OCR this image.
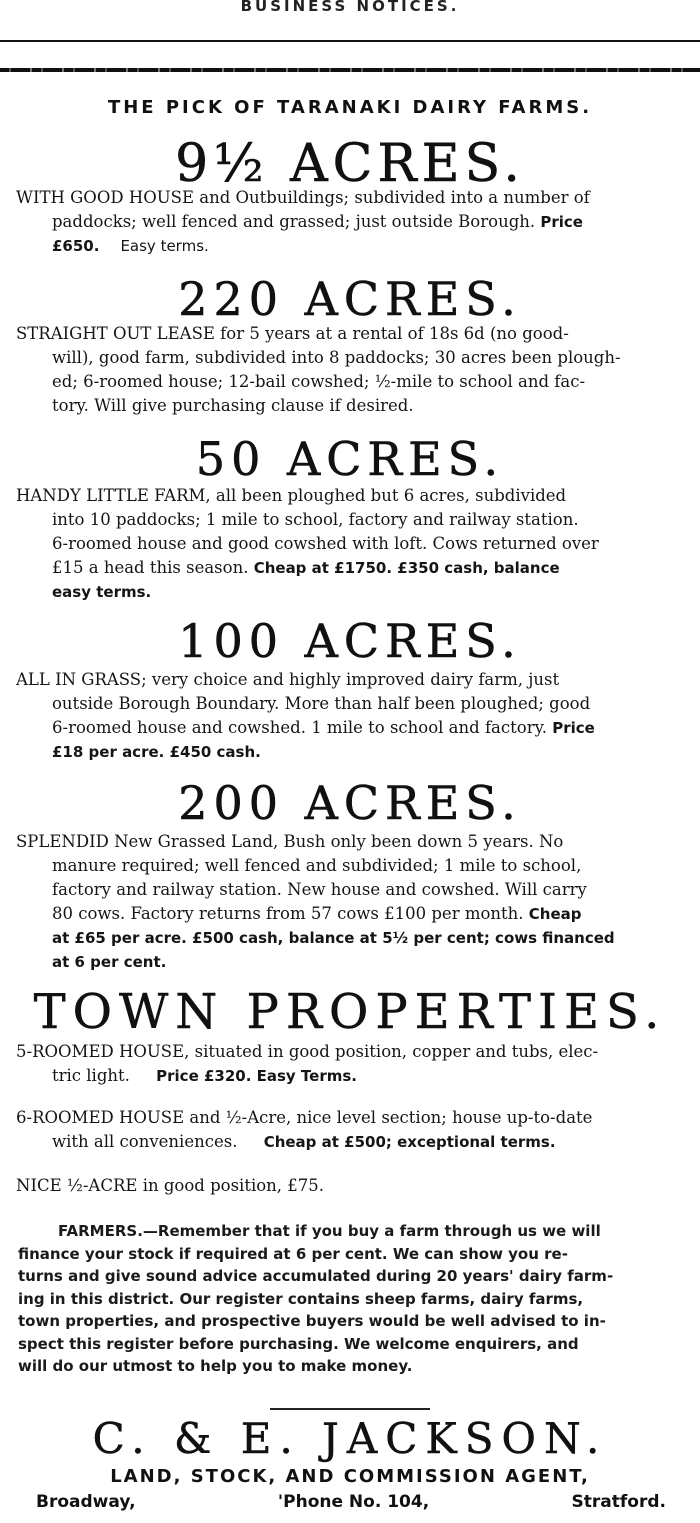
BUSINESS NOTICES.
THE PICK OF TARANAKI DAIRY FARMS.
9½ ACRES.
WITH GOOD HOUSE and Outbuildings; subdivided into a number of
paddocks; well fenced and grassed; just outside Borough. Price
£650. Easy terms.
220 ACRES.
STRAIGHT OUT LEASE for 5 years at a rental of 18s 6d (no good-
will), good farm, subdivided into 8 paddocks; 30 acres been plough-
ed; 6-roomed house; 12-bail cowshed; ½-mile to school and fac-
tory. Will give purchasing clause if desired.
50 ACRES.
HANDY LITTLE FARM, all been ploughed but 6 acres, subdivided
into 10 paddocks; 1 mile to school, factory and railway station.
6-roomed house and good cowshed with loft. Cows returned over
£15 a head this season. Cheap at £1750. £350 cash, balance
easy terms.
100 ACRES.
ALL IN GRASS; very choice and highly improved dairy farm, just
outside Borough Boundary. More than half been ploughed; good
6-roomed house and cowshed. 1 mile to school and factory. Price
£18 per acre. £450 cash.
200 ACRES.
SPLENDID New Grassed Land, Bush only been down 5 years. No
manure required; well fenced and subdivided; 1 mile to school,
factory and railway station. New house and cowshed. Will carry
80 cows. Factory returns from 57 cows £100 per month. Cheap
at £65 per acre. £500 cash, balance at 5½ per cent; cows financed
at 6 per cent.
TOWN PROPERTIES.
5-ROOMED HOUSE, situated in good position, copper and tubs, elec-
tric light. Price £320. Easy Terms.
6-ROOMED HOUSE and ½-Acre, nice level section; house up-to-date
with all conveniences. Cheap at £500; exceptional terms.
NICE ½-ACRE in good position, £75.
FARMERS.—Remember that if you buy a farm through us we will
finance your stock if required at 6 per cent. We can show you re-
turns and give sound advice accumulated during 20 years' dairy farm-
ing in this district. Our register contains sheep farms, dairy farms,
town properties, and prospective buyers would be well advised to in-
spect this register before purchasing. We welcome enquirers, and
will do our utmost to help you to make money.
C. & E. JACKSON.
LAND, STOCK, AND COMMISSION AGENT,
Broadway,	'Phone No. 104,	Stratford.
